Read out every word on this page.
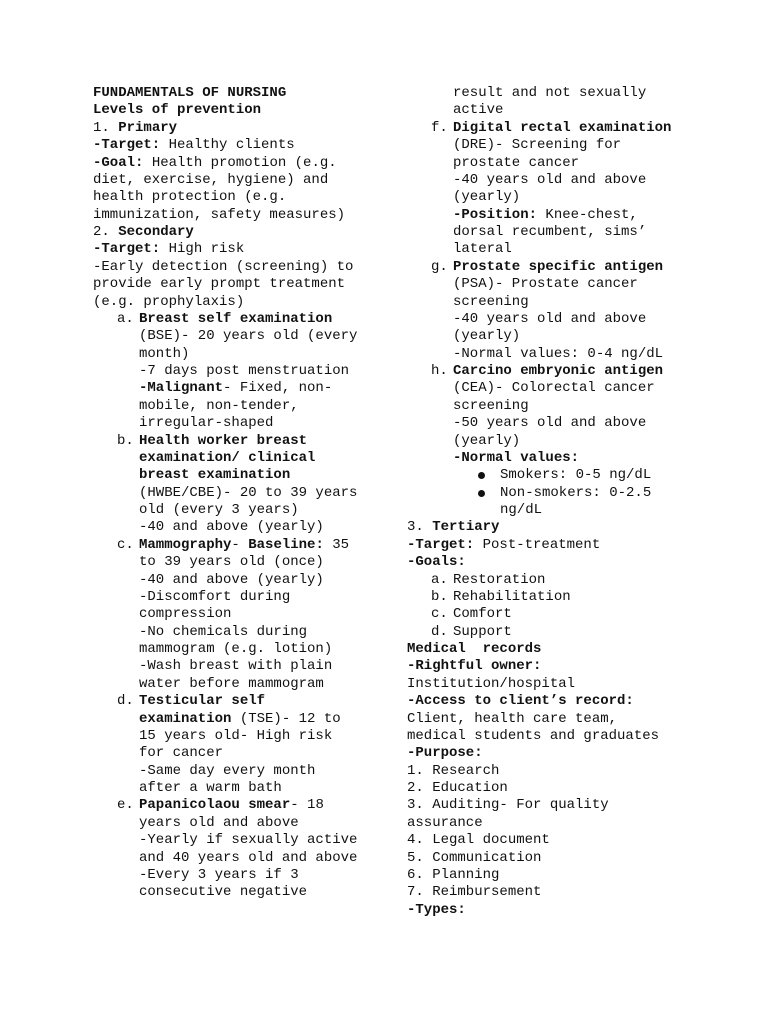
FUNDAMENTALS OF NURSING
Levels of prevention
1. Primary
-Target: Healthy clients
-Goal: Health promotion (e.g.
diet, exercise, hygiene) and
health protection (e.g.
immunization, safety measures)
2. Secondary
-Target: High risk
-Early detection (screening) to
provide early prompt treatment
(e.g. prophylaxis)
a. Breast self examination
(BSE)- 20 years old (every
month)
-7 days post menstruation
-Malignant- Fixed, non-
mobile, non-tender,
irregular-shaped
b. Health worker breast
examination/ clinical
breast examination
(HWBE/CBE)- 20 to 39 years
old (every 3 years)
-40 and above (yearly)
c. Mammography- Baseline: 35
to 39 years old (once)
-40 and above (yearly)
-Discomfort during
compression
-No chemicals during
mammogram (e.g. lotion)
-Wash breast with plain
water before mammogram
d. Testicular self
examination (TSE)- 12 to
15 years old- High risk
for cancer
-Same day every month
after a warm bath
e. Papanicolaou smear- 18
years old and above
-Yearly if sexually active
and 40 years old and above
-Every 3 years if 3
consecutive negative
result and not sexually
active
f. Digital rectal examination
(DRE)- Screening for
prostate cancer
-40 years old and above
(yearly)
-Position: Knee-chest,
dorsal recumbent, sims’
lateral
g. Prostate specific antigen
(PSA)- Prostate cancer
screening
-40 years old and above
(yearly)
-Normal values: 0-4 ng/dL
h. Carcino embryonic antigen
(CEA)- Colorectal cancer
screening
-50 years old and above
(yearly)
-Normal values:
Smokers: 0-5 ng/dL
Non-smokers: 0-2.5
ng/dL
3. Tertiary
-Target: Post-treatment
-Goals:
a. Restoration
b. Rehabilitation
c. Comfort
d. Support
Medical  records
-Rightful owner:
Institution/hospital
-Access to client’s record:
Client, health care team,
medical students and graduates
-Purpose:
1. Research
2. Education
3. Auditing- For quality
assurance
4. Legal document
5. Communication
6. Planning
7. Reimbursement
-Types:
